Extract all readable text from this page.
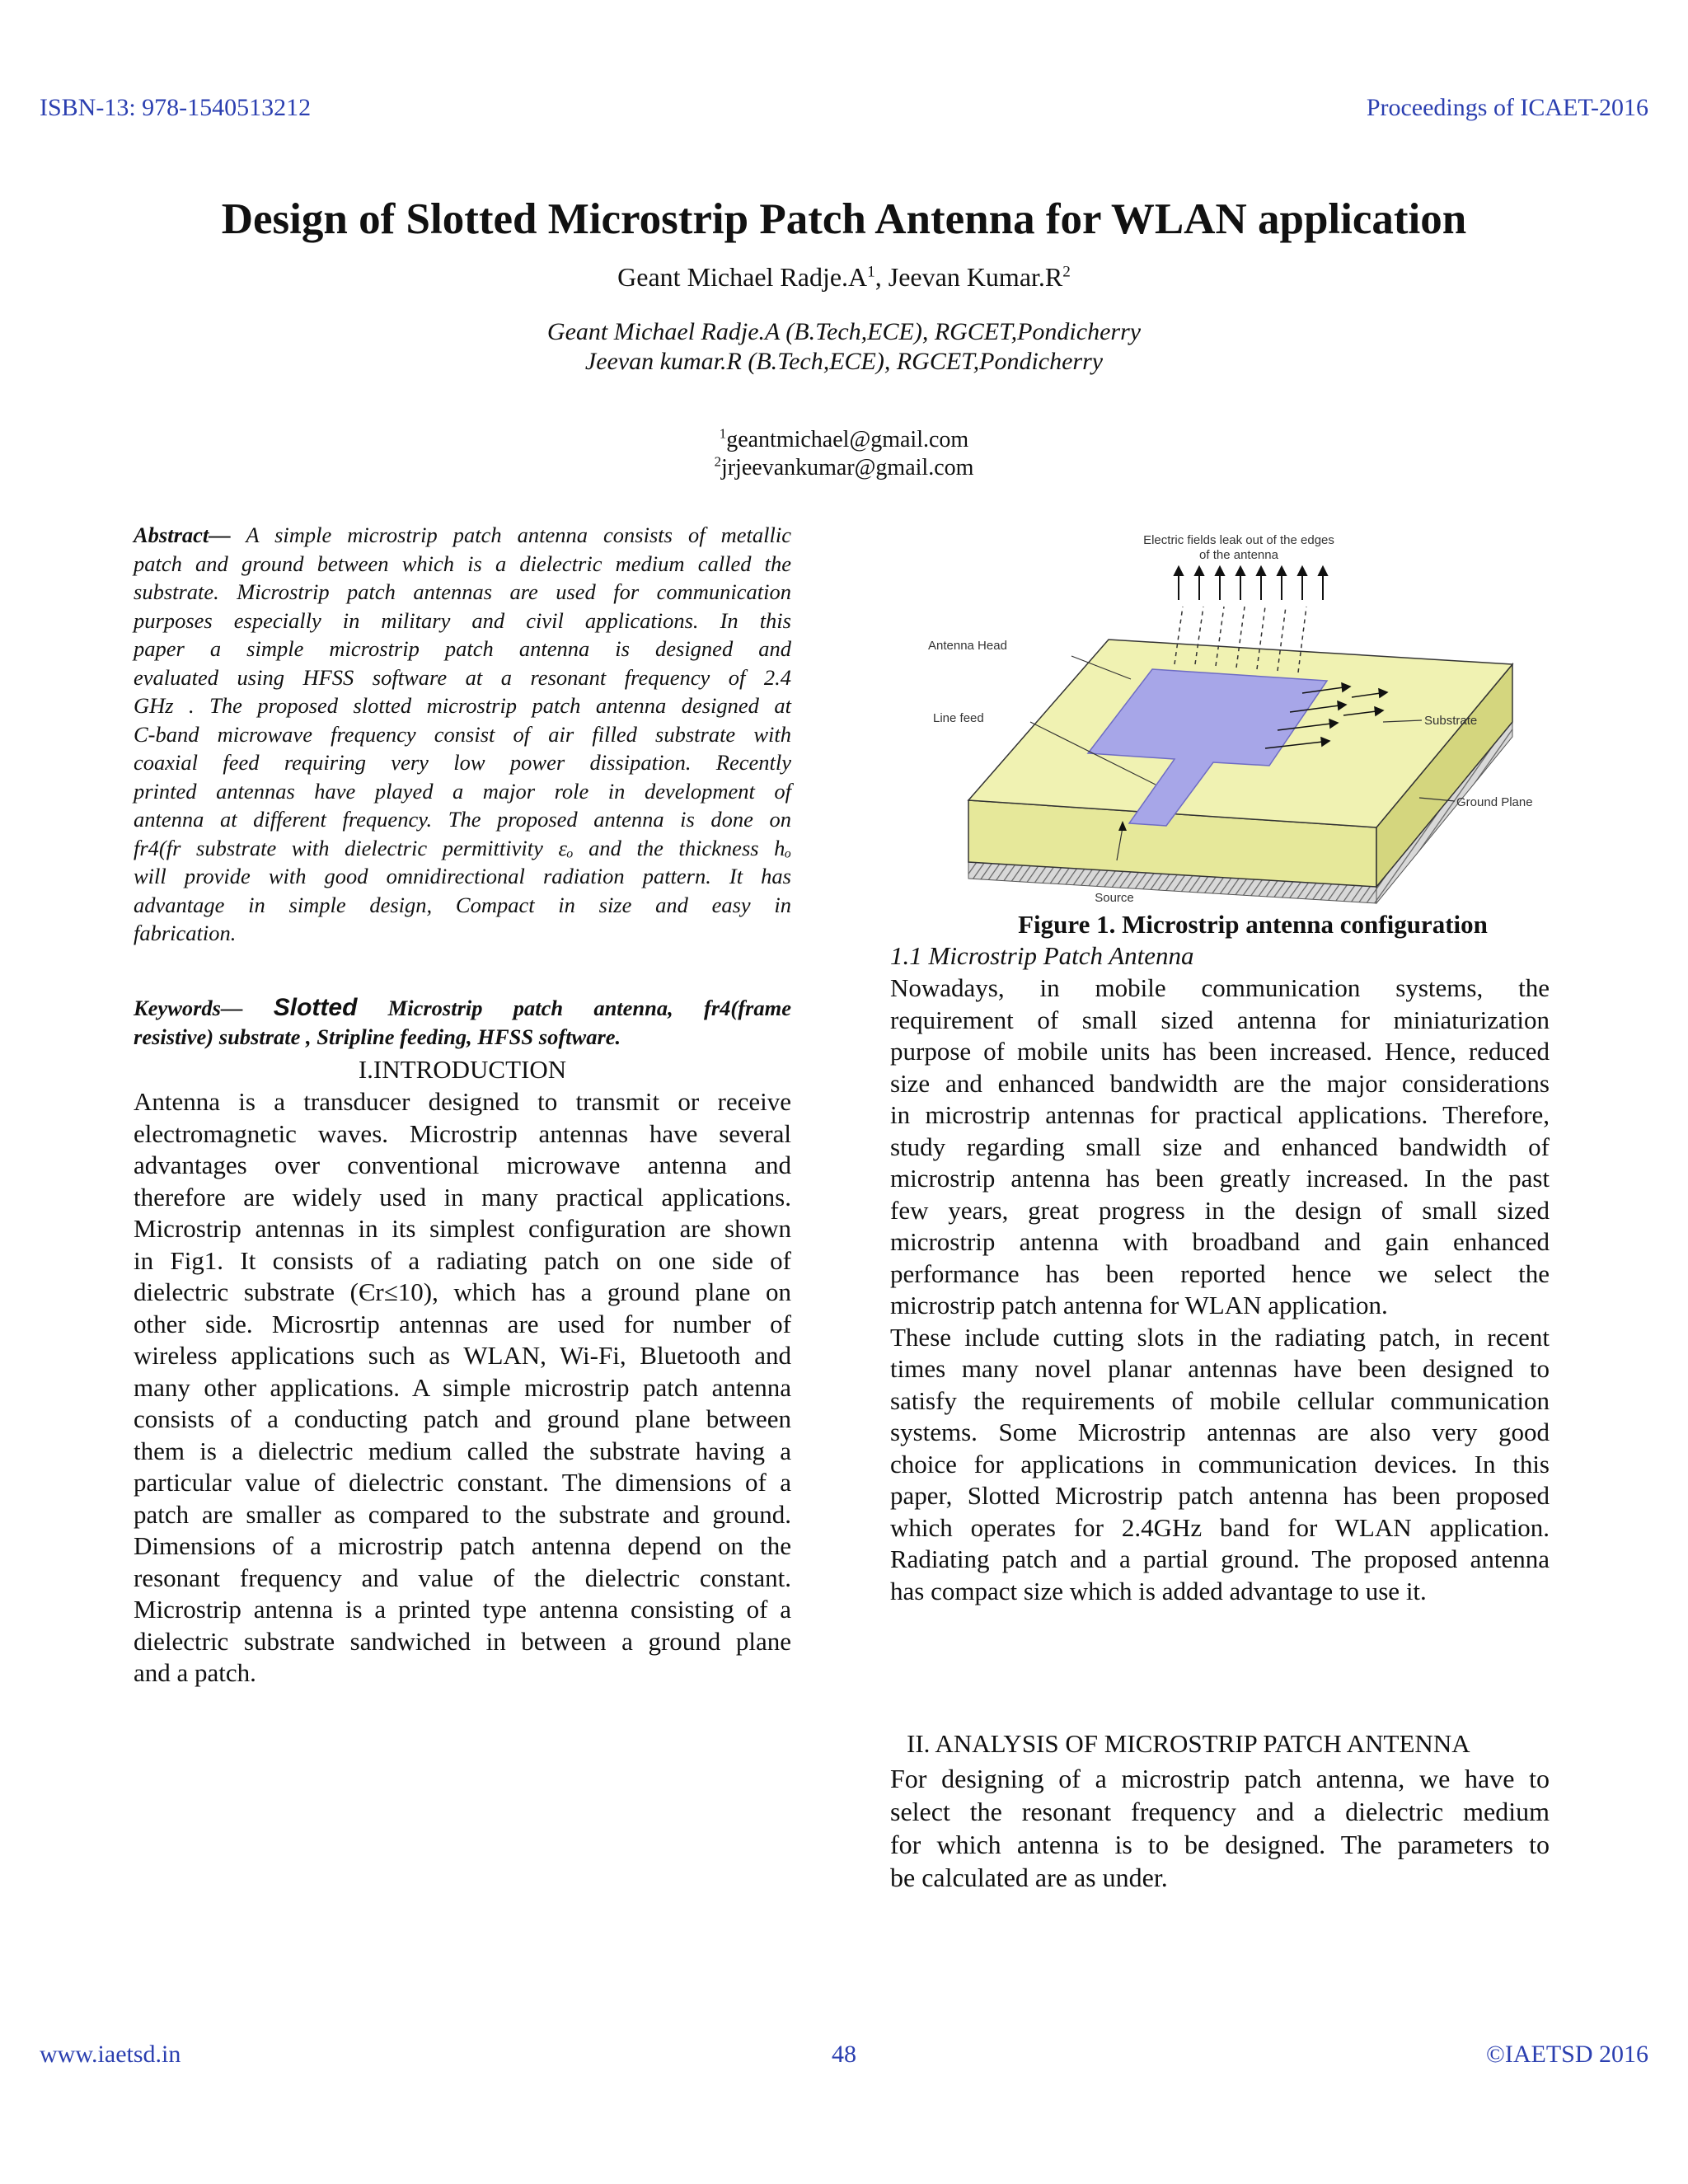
ISBN-13: 978-1540513212	Proceedings of ICAET-2016
Design of Slotted Microstrip Patch Antenna for WLAN application
Geant Michael $Radje.A^1$, Jeevan $Kumar.R^2$
Geant Michael Radje.A (B.Tech,ECE), RGCET,Pondicherry
Jeevan kumar.R (B.Tech,ECE), RGCET,Pondicherry
$^1$geantmichael@gmail.com
$^2$jrjeevankumar@gmail.com
Abstract— A simple microstrip patch antenna consists of metallic
patch and ground between which is a dielectric medium called the
substrate. Microstrip patch antennas are used for communication
purposes especially in military and civil applications. In this
paper a simple microstrip patch antenna is designed and
evaluated using HFSS software at a resonant frequency of 2.4
GHz . The proposed slotted microstrip patch antenna designed at
C-band microwave frequency consist of air filled substrate with
coaxial feed requiring very low power dissipation. Recently
printed antennas have played a major role in development of
antenna at different frequency. The proposed antenna is done on
fr4(fr substrate with dielectric permittivity εₒ and the thickness hₒ
will provide with good omnidirectional radiation pattern. It has
advantage in simple design, Compact in size and easy in
fabrication.
Keywords— Slotted Microstrip patch antenna, fr4(frame
resistive) substrate , Stripline feeding, HFSS software.
I.INTRODUCTION
Antenna is a transducer designed to transmit or receive
electromagnetic waves. Microstrip antennas have several
advantages over conventional microwave antenna and
therefore are widely used in many practical applications.
Microstrip antennas in its simplest configuration are shown
in Fig1. It consists of a radiating patch on one side of
dielectric substrate (Єr≤10), which has a ground plane on
other side. Microsrtip antennas are used for number of
wireless applications such as WLAN, Wi-Fi, Bluetooth and
many other applications. A simple microstrip patch antenna
consists of a conducting patch and ground plane between
them is a dielectric medium called the substrate having a
particular value of dielectric constant. The dimensions of a
patch are smaller as compared to the substrate and ground.
Dimensions of a microstrip patch antenna depend on the
resonant frequency and value of the dielectric constant.
Microstrip antenna is a printed type antenna consisting of a
dielectric substrate sandwiched in between a ground plane
and a patch.
Electric fields leak out of the edges
of the antenna
Antenna Head
Line feed	Substrate
Ground Plane
Source
Figure 1. Microstrip antenna configuration
1.1 Microstrip Patch Antenna
Nowadays, in mobile communication systems, the
requirement of small sized antenna for miniaturization
purpose of mobile units has been increased. Hence, reduced
size and enhanced bandwidth are the major considerations
in microstrip antennas for practical applications. Therefore,
study regarding small size and enhanced bandwidth of
microstrip antenna has been greatly increased. In the past
few years, great progress in the design of small sized
microstrip antenna with broadband and gain enhanced
performance has been reported hence we select the
microstrip patch antenna for WLAN application.
These include cutting slots in the radiating patch, in recent
times many novel planar antennas have been designed to
satisfy the requirements of mobile cellular communication
systems. Some Microstrip antennas are also very good
choice for applications in communication devices. In this
paper, Slotted Microstrip patch antenna has been proposed
which operates for 2.4GHz band for WLAN application.
Radiating patch and a partial ground. The proposed antenna
has compact size which is added advantage to use it.
II. ANALYSIS OF MICROSTRIP PATCH ANTENNA
For designing of a microstrip patch antenna, we have to
select the resonant frequency and a dielectric medium
for which antenna is to be designed. The parameters to
be calculated are as under.
www.iaetsd.in	48	©IAETSD 2016
